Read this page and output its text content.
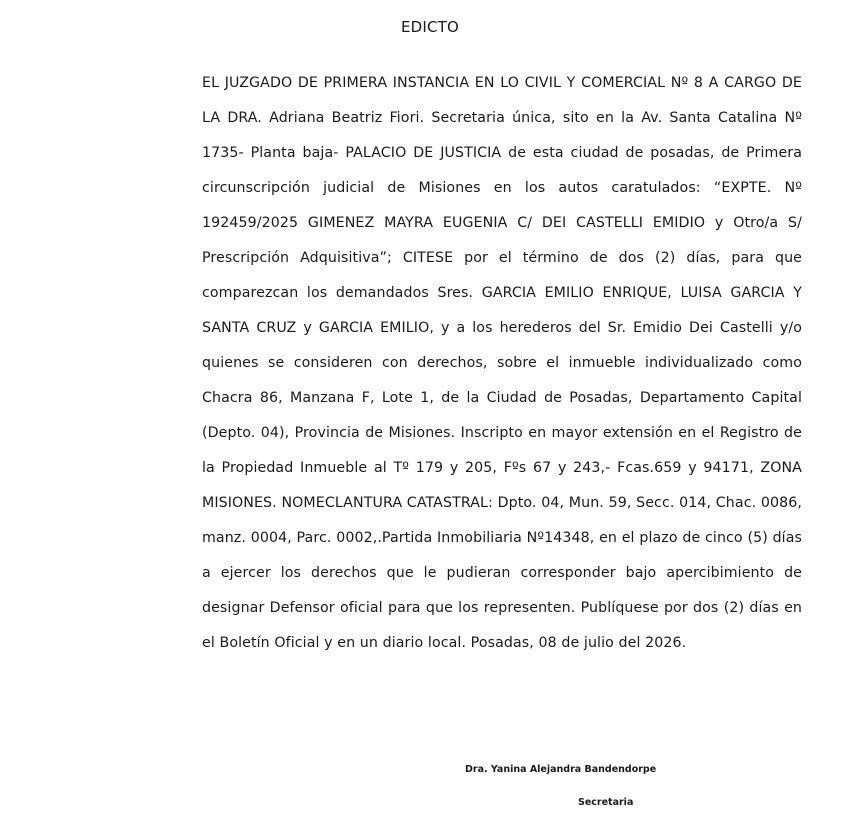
EDICTO

EL JUZGADO DE PRIMERA INSTANCIA EN LO CIVIL Y COMERCIAL Nº 8 A CARGO DE LA DRA. Adriana Beatriz Fiori. Secretaria única, sito en la Av. Santa Catalina Nº 1735- Planta baja- PALACIO DE JUSTICIA de esta ciudad de posadas, de Primera circunscripción judicial de Misiones en los autos caratulados: “EXPTE. Nº 192459/2025 GIMENEZ MAYRA EUGENIA C/ DEI CASTELLI EMIDIO y Otro/a S/ Prescripción Adquisitiva”; CITESE por el término de dos (2) días, para que comparezcan los demandados Sres. GARCIA EMILIO ENRIQUE, LUISA GARCIA Y SANTA CRUZ y GARCIA EMILIO, y a los herederos del Sr. Emidio Dei Castelli y/o quienes se consideren con derechos, sobre el inmueble individualizado como Chacra 86, Manzana F, Lote 1, de la Ciudad de Posadas, Departamento Capital (Depto. 04), Provincia de Misiones. Inscripto en mayor extensión en el Registro de la Propiedad Inmueble al Tº 179 y 205, Fºs 67 y 243,- Fcas.659 y 94171, ZONA MISIONES. NOMECLANTURA CATASTRAL: Dpto. 04, Mun. 59, Secc. 014, Chac. 0086, manz. 0004, Parc. 0002,.Partida Inmobiliaria Nº14348, en el plazo de cinco (5) días a ejercer los derechos que le pudieran corresponder bajo apercibimiento de designar Defensor oficial para que los representen. Publíquese por dos (2) días en el Boletín Oficial y en un diario local. Posadas, 08 de julio del 2026.

Dra. Yanina Alejandra Bandendorpe
Secretaria
